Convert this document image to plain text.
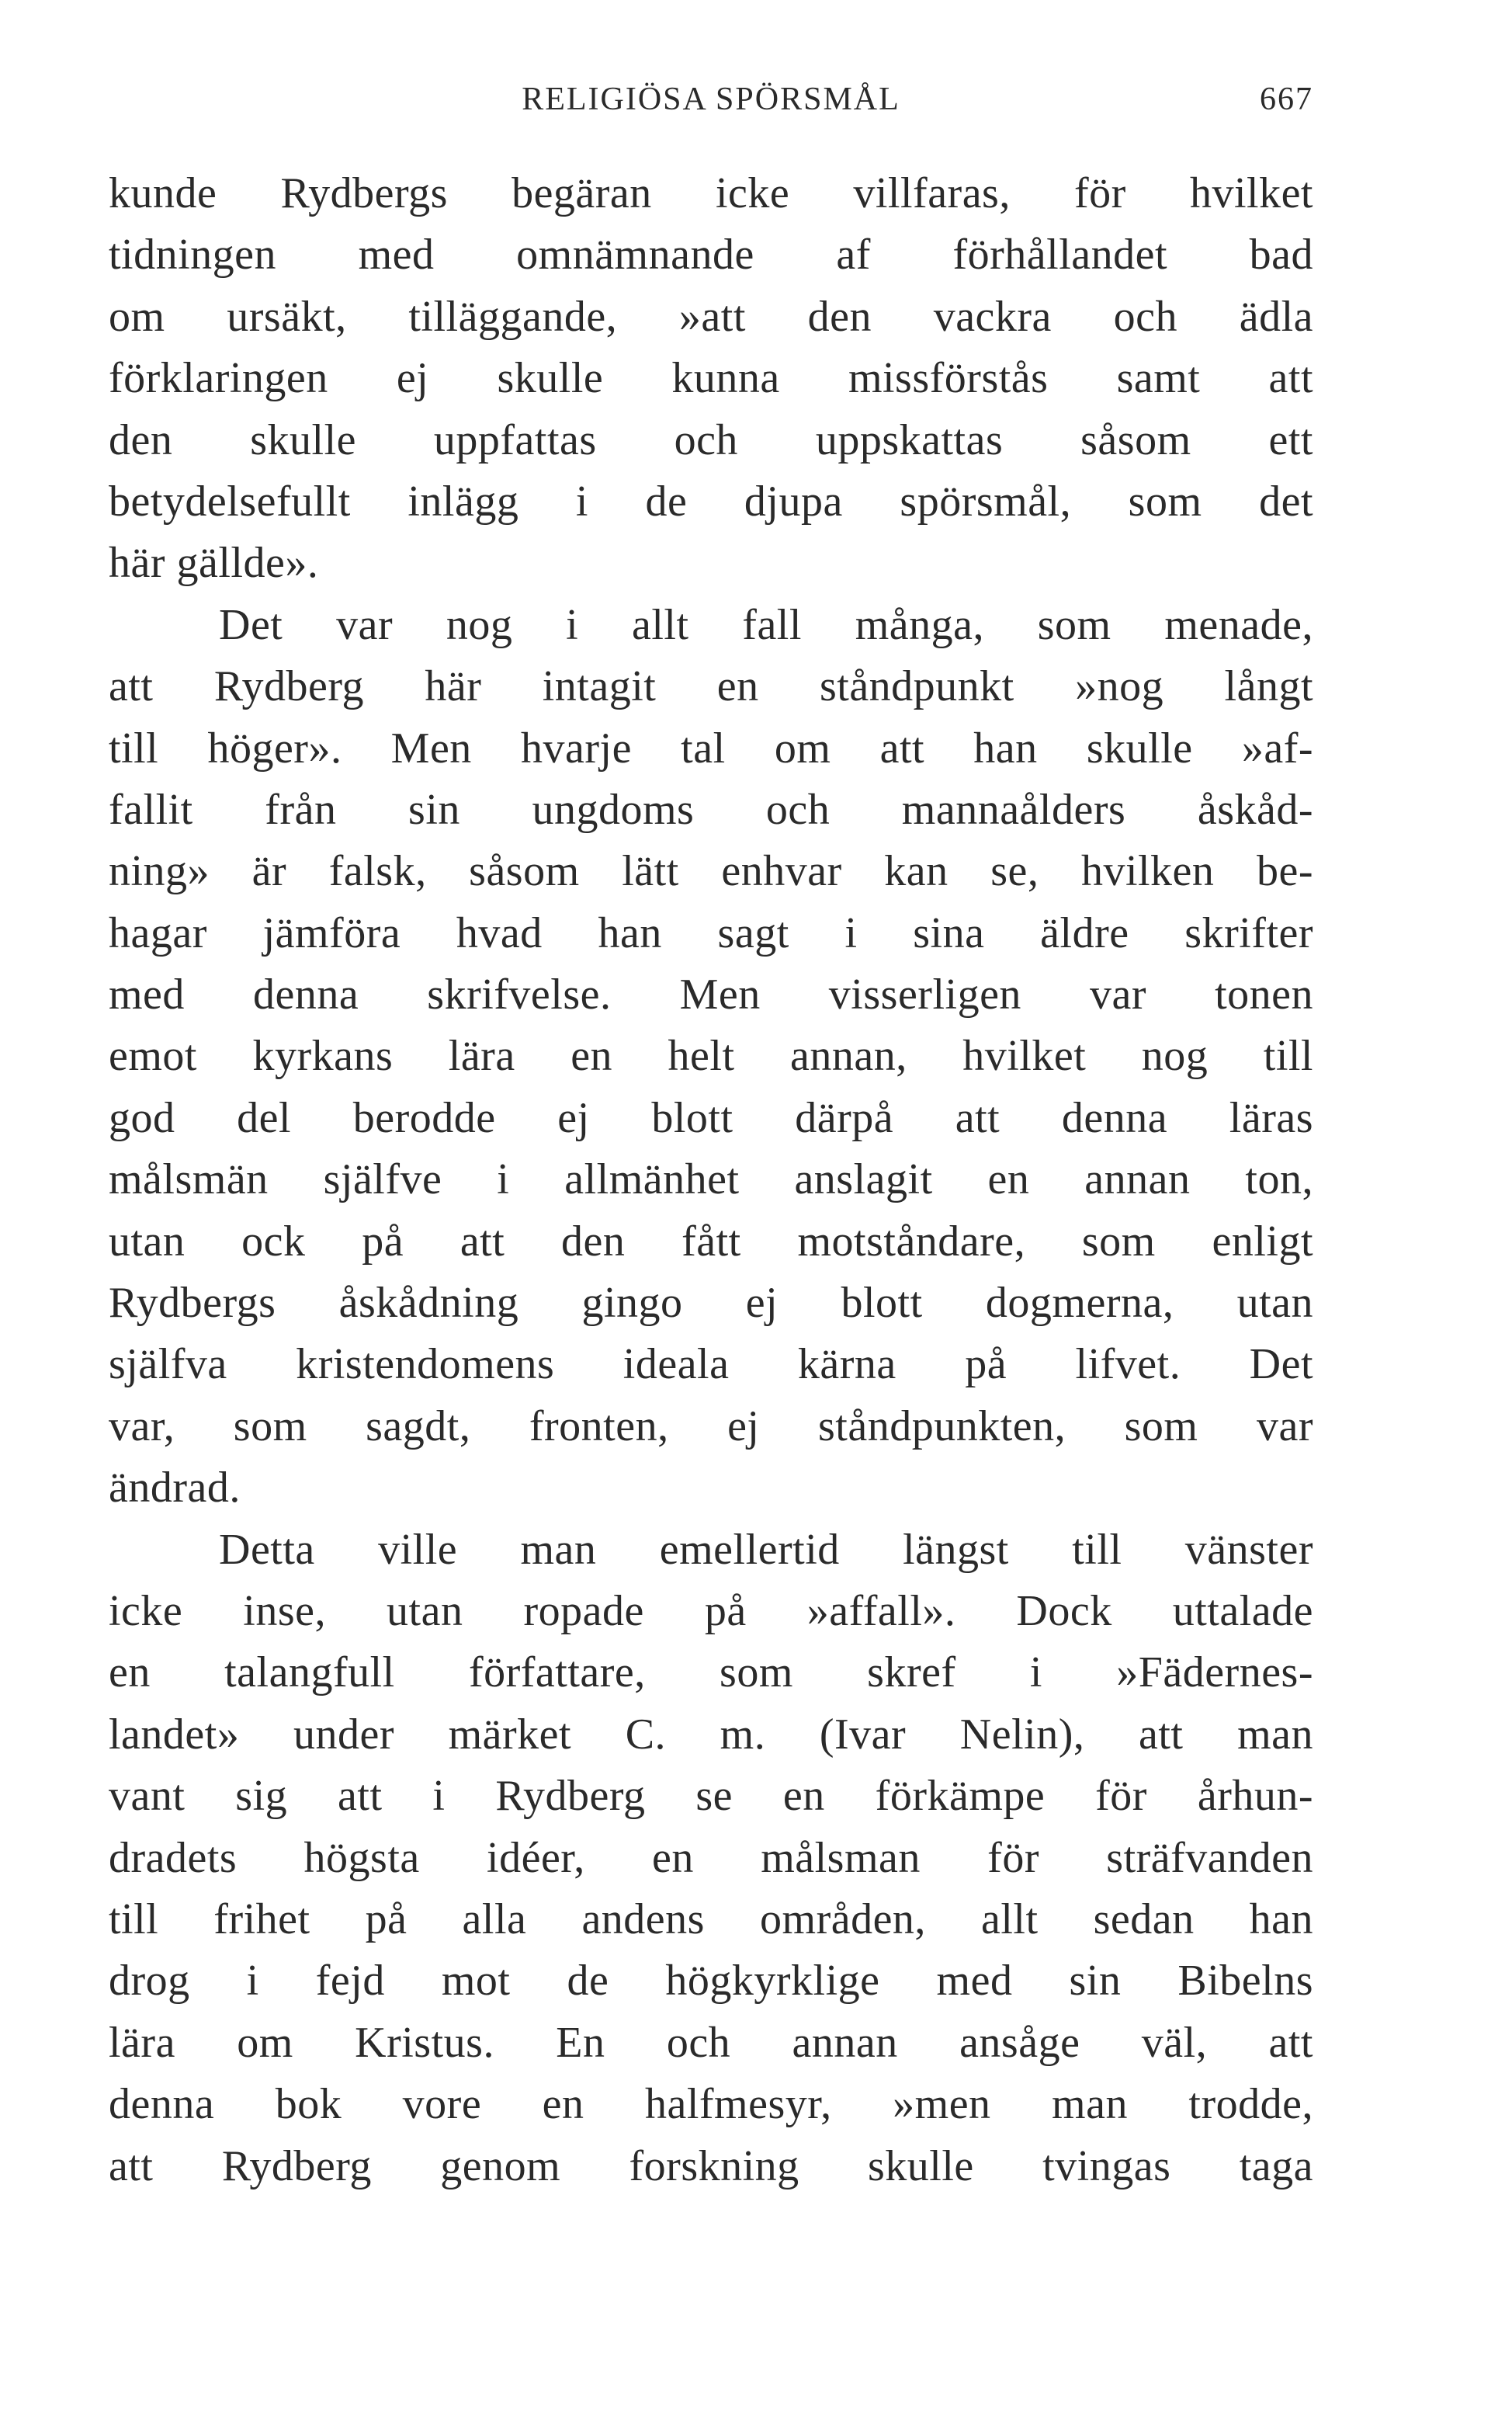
RELIGIÖSA SPÖRSMÅL	667
kunde Rydbergs begäran icke villfaras, för hvilket
tidningen med omnämnande af förhållandet bad
om ursäkt, tilläggande, »att den vackra och ädla
förklaringen ej skulle kunna missförstås samt att
den skulle uppfattas och uppskattas såsom ett
betydelsefullt inlägg i de djupa spörsmål, som det
här gällde».
Det var nog i allt fall många, som menade,
att Rydberg här intagit en ståndpunkt »nog långt
till höger». Men hvarje tal om att han skulle »af-
fallit från sin ungdoms och mannaålders åskåd-
ning» är falsk, såsom lätt enhvar kan se, hvilken be-
hagar jämföra hvad han sagt i sina äldre skrifter
med denna skrifvelse. Men visserligen var tonen
emot kyrkans lära en helt annan, hvilket nog till
god del berodde ej blott därpå att denna läras
målsmän själfve i allmänhet anslagit en annan ton,
utan ock på att den fått motståndare, som enligt
Rydbergs åskådning gingo ej blott dogmerna, utan
själfva kristendomens ideala kärna på lifvet. Det
var, som sagdt, fronten, ej ståndpunkten, som var
ändrad.
Detta ville man emellertid längst till vänster
icke inse, utan ropade på »affall». Dock uttalade
en talangfull författare, som skref i »Fädernes-
landet» under märket C. m. (Ivar Nelin), att man
vant sig att i Rydberg se en förkämpe för århun-
dradets högsta idéer, en målsman för sträfvanden
till frihet på alla andens områden, allt sedan han
drog i fejd mot de högkyrklige med sin Bibelns
lära om Kristus. En och annan ansåge väl, att
denna bok vore en halfmesyr, »men man trodde,
att Rydberg genom forskning skulle tvingas taga
